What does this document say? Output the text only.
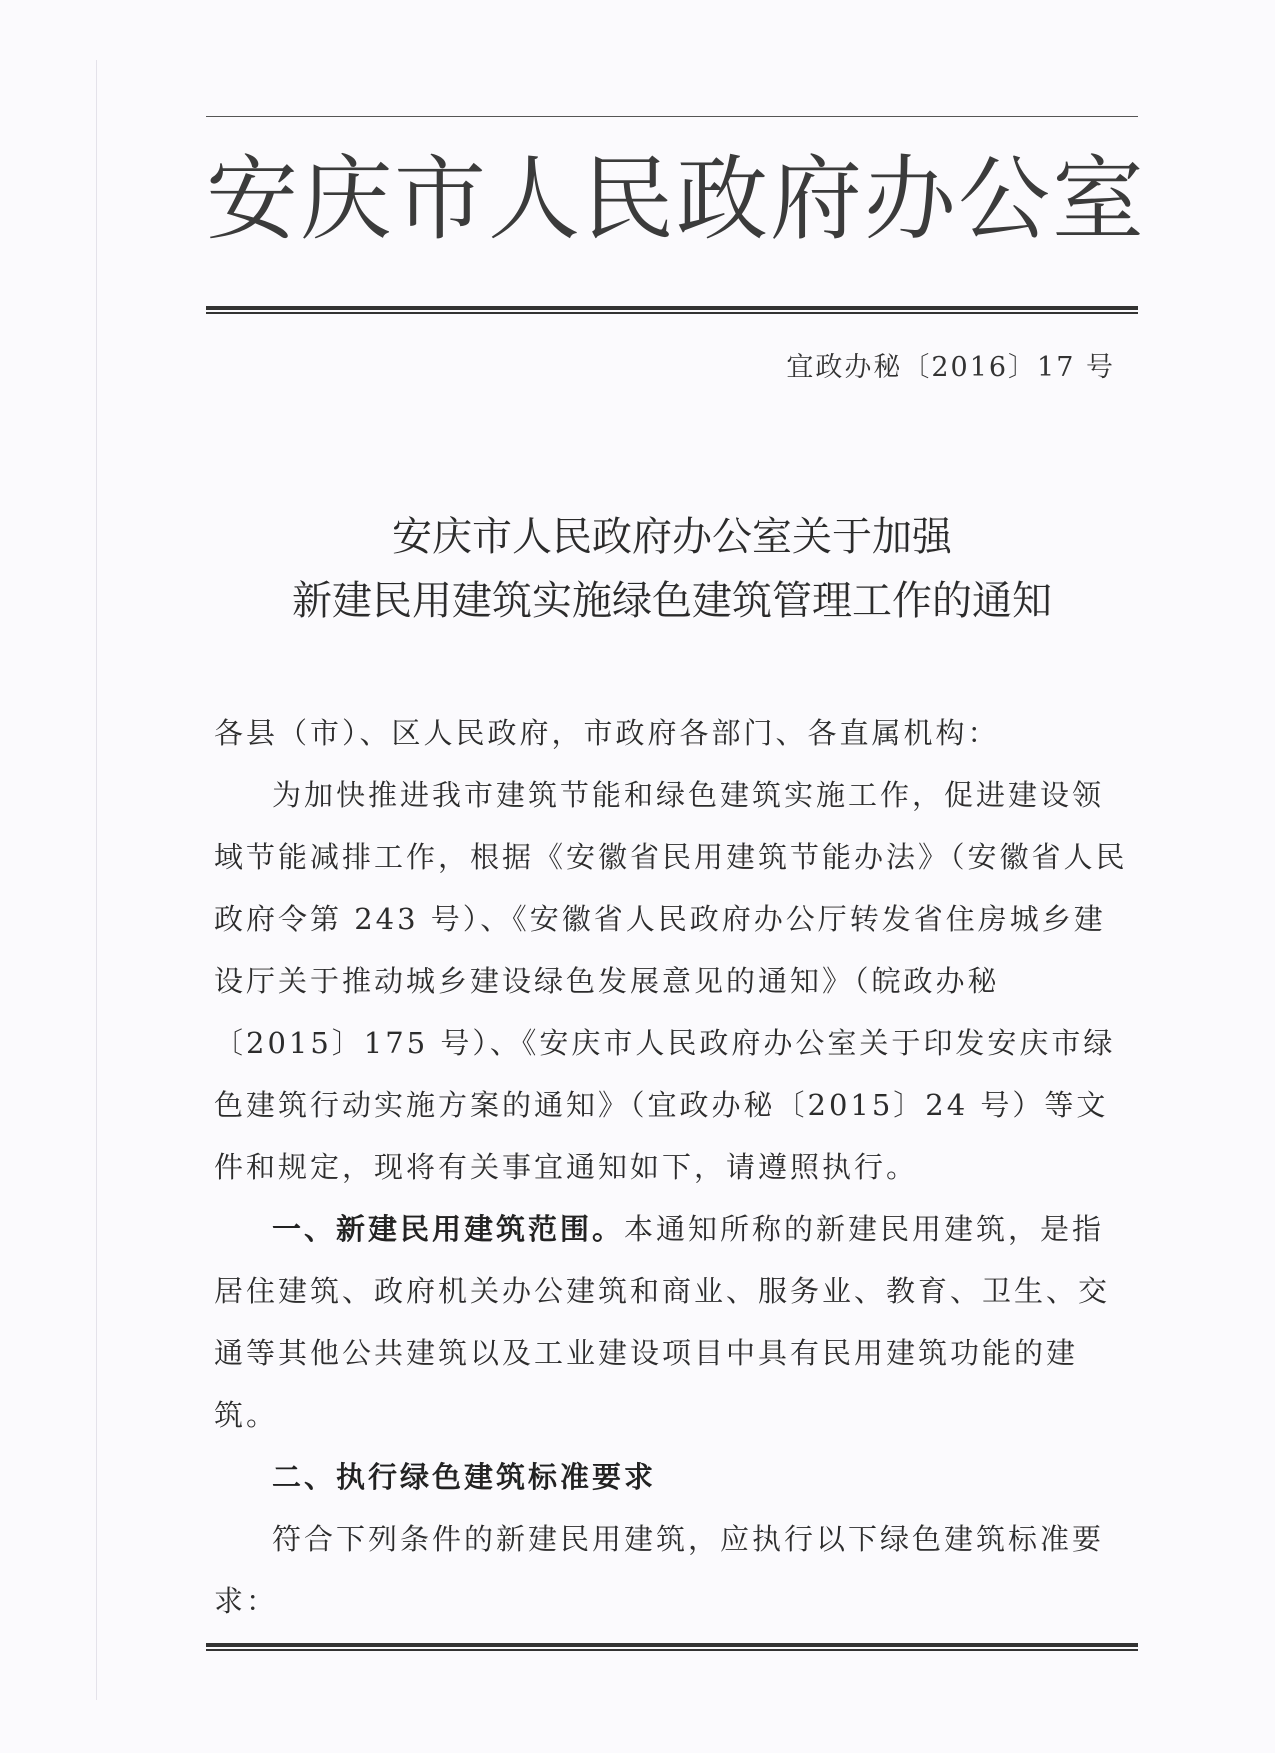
安庆市人民政府办公室
宜政办秘〔2016〕17 号
安庆市人民政府办公室关于加强
新建民用建筑实施绿色建筑管理工作的通知

各县（市）、区人民政府，市政府各部门、各直属机构：

为加快推进我市建筑节能和绿色建筑实施工作，促进建设领域节能减排工作，根据《安徽省民用建筑节能办法》（安徽省人民政府令第 243 号）、《安徽省人民政府办公厅转发省住房城乡建设厅关于推动城乡建设绿色发展意见的通知》（皖政办秘〔2015〕175 号）、《安庆市人民政府办公室关于印发安庆市绿色建筑行动实施方案的通知》（宜政办秘〔2015〕24 号）等文件和规定，现将有关事宜通知如下，请遵照执行。

一、新建民用建筑范围。本通知所称的新建民用建筑，是指居住建筑、政府机关办公建筑和商业、服务业、教育、卫生、交通等其他公共建筑以及工业建设项目中具有民用建筑功能的建筑。

二、执行绿色建筑标准要求

符合下列条件的新建民用建筑，应执行以下绿色建筑标准要求：
